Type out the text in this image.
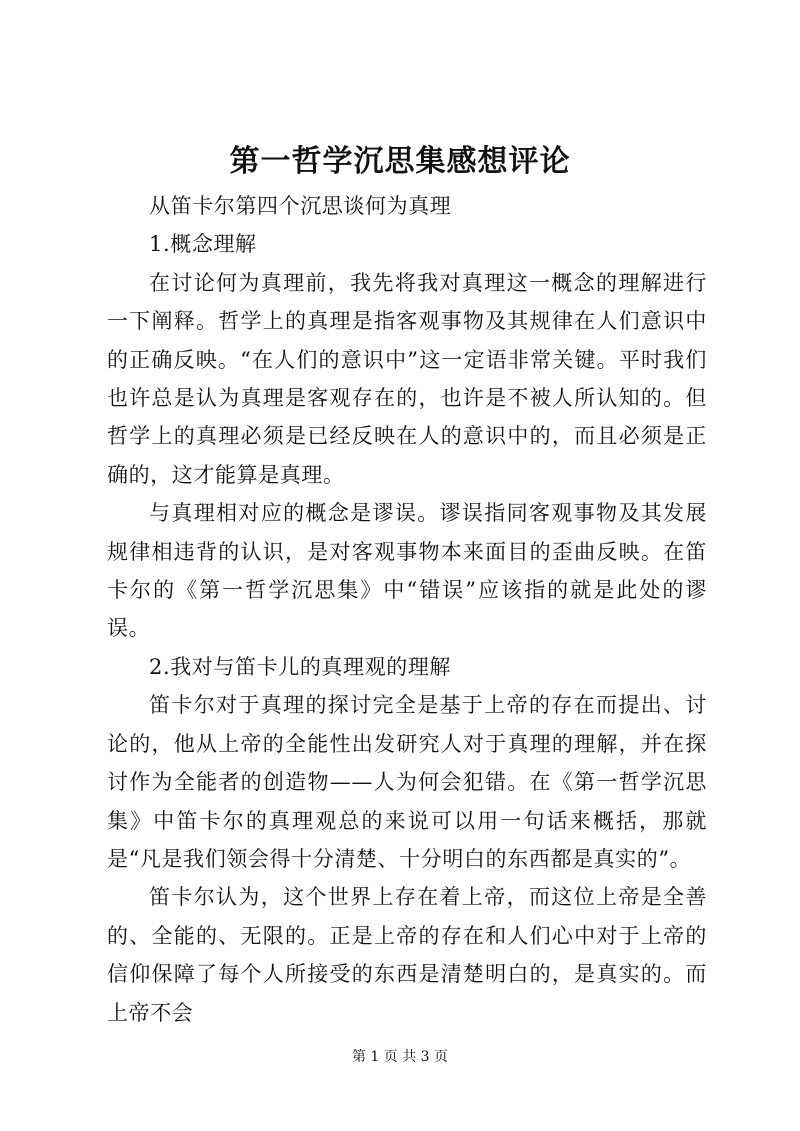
第一哲学沉思集感想评论

从笛卡尔第四个沉思谈何为真理

1.概念理解

在讨论何为真理前，我先将我对真理这一概念的理解进行一下阐释。哲学上的真理是指客观事物及其规律在人们意识中的正确反映。“在人们的意识中”这一定语非常关键。平时我们也许总是认为真理是客观存在的，也许是不被人所认知的。但哲学上的真理必须是已经反映在人的意识中的，而且必须是正确的，这才能算是真理。

与真理相对应的概念是谬误。谬误指同客观事物及其发展规律相违背的认识，是对客观事物本来面目的歪曲反映。在笛卡尔的《第一哲学沉思集》中“错误”应该指的就是此处的谬误。

2.我对与笛卡儿的真理观的理解

笛卡尔对于真理的探讨完全是基于上帝的存在而提出、讨论的，他从上帝的全能性出发研究人对于真理的理解，并在探讨作为全能者的创造物——人为何会犯错。在《第一哲学沉思集》中笛卡尔的真理观总的来说可以用一句话来概括，那就是“凡是我们领会得十分清楚、十分明白的东西都是真实的”。

笛卡尔认为，这个世界上存在着上帝，而这位上帝是全善的、全能的、无限的。正是上帝的存在和人们心中对于上帝的信仰保障了每个人所接受的东西是清楚明白的，是真实的。而上帝不会

第 1 页 共 3 页
